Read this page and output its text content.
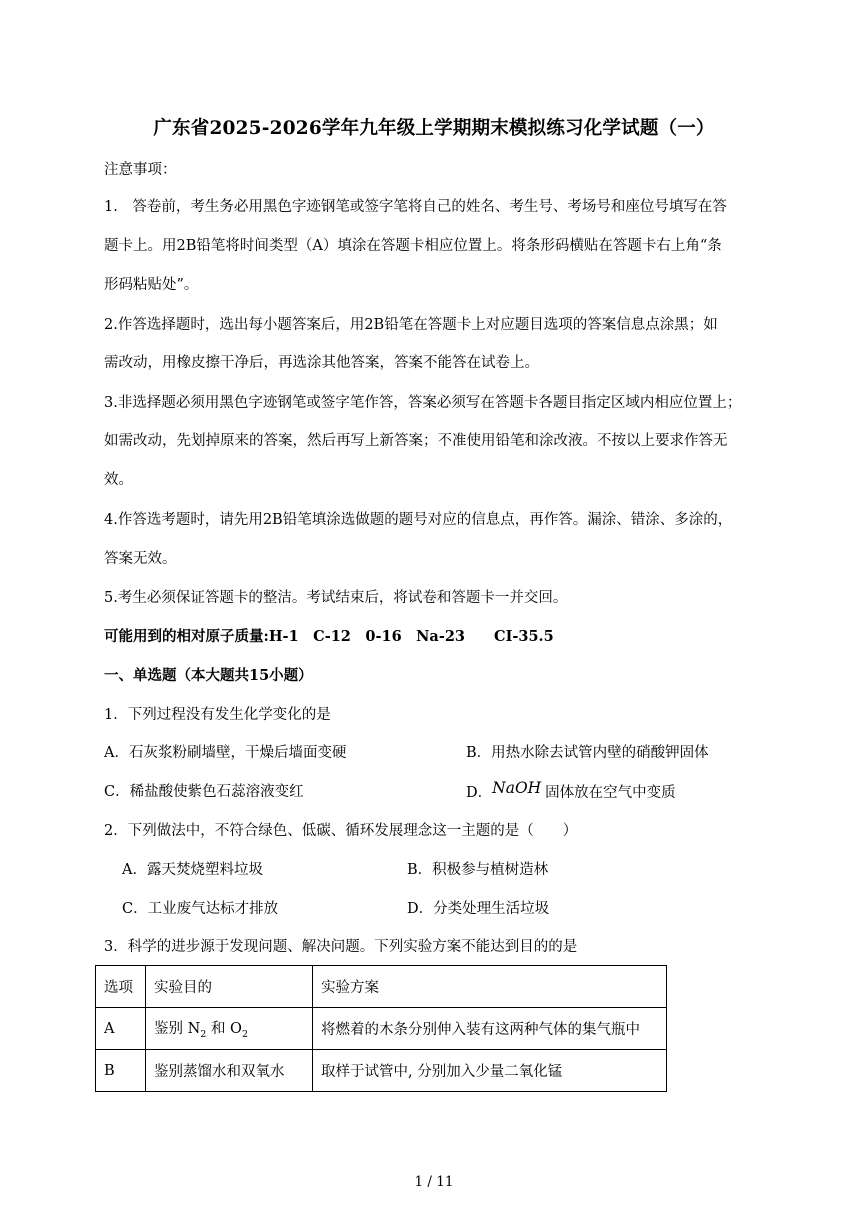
广东省2025-2026学年九年级上学期期末模拟练习化学试题（一）
注意事项：
1.　答卷前，考生务必用黑色字迹钢笔或签字笔将自己的姓名、考生号、考场号和座位号填写在答
题卡上。用2B铅笔将时间类型（A）填涂在答题卡相应位置上。将条形码横贴在答题卡右上角“条
形码粘贴处”。
2.作答选择题时，选出每小题答案后，用2B铅笔在答题卡上对应题目选项的答案信息点涂黑；如
需改动，用橡皮擦干净后，再选涂其他答案，答案不能答在试卷上。
3.非选择题必须用黑色字迹钢笔或签字笔作答，答案必须写在答题卡各题目指定区域内相应位置上；
如需改动，先划掉原来的答案，然后再写上新答案；不准使用铅笔和涂改液。不按以上要求作答无
效。
4.作答选考题时，请先用2B铅笔填涂选做题的题号对应的信息点，再作答。漏涂、错涂、多涂的，
答案无效。
5.考生必须保证答题卡的整洁。考试结束后，将试卷和答题卡一并交回。
可能用到的相对原子质量:H-1　C-12　0-16　Na-23　　CI-35.5
一、单选题（本大题共15小题）
1．下列过程没有发生化学变化的是
A．石灰浆粉刷墙壁，干燥后墙面变硬	B．用热水除去试管内壁的硝酸钾固体
C．稀盐酸使紫色石蕊溶液变红	D．NaOH 固体放在空气中变质
2．下列做法中，不符合绿色、低碳、循环发展理念这一主题的是（　　）
A．露天焚烧塑料垃圾	B．积极参与植树造林
C．工业废气达标才排放	D．分类处理生活垃圾
3．科学的进步源于发现问题、解决问题。下列实验方案不能达到目的的是
选项	实验目的	实验方案
A	鉴别 $N_2$ 和 $O_2$	将燃着的木条分别伸入装有这两种气体的集气瓶中
B	鉴别蒸馏水和双氧水	取样于试管中, 分别加入少量二氧化锰
1 / 11
